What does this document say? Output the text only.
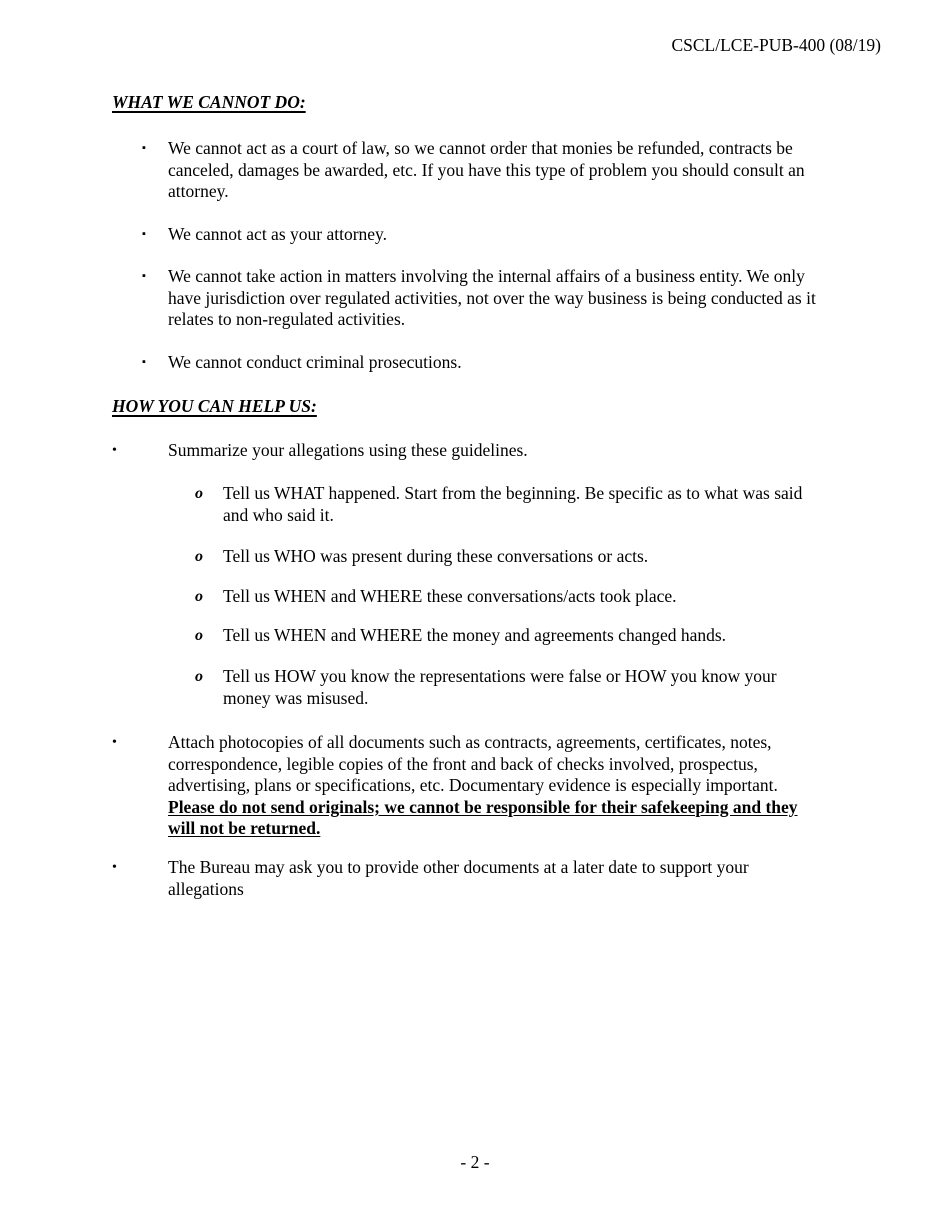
CSCL/LCE-PUB-400 (08/19)
WHAT WE CANNOT DO:
▪ We cannot act as a court of law, so we cannot order that monies be refunded, contracts be canceled, damages be awarded, etc. If you have this type of problem you should consult an attorney.
▪ We cannot act as your attorney.
▪ We cannot take action in matters involving the internal affairs of a business entity. We only have jurisdiction over regulated activities, not over the way business is being conducted as it relates to non-regulated activities.
▪ We cannot conduct criminal prosecutions.
HOW YOU CAN HELP US:
•	Summarize your allegations using these guidelines.
o Tell us WHAT happened. Start from the beginning. Be specific as to what was said and who said it.
o Tell us WHO was present during these conversations or acts.
o Tell us WHEN and WHERE these conversations/acts took place.
o Tell us WHEN and WHERE the money and agreements changed hands.
o Tell us HOW you know the representations were false or HOW you know your money was misused.
•	Attach photocopies of all documents such as contracts, agreements, certificates, notes, correspondence, legible copies of the front and back of checks involved, prospectus, advertising, plans or specifications, etc. Documentary evidence is especially important. Please do not send originals; we cannot be responsible for their safekeeping and they will not be returned.
•	The Bureau may ask you to provide other documents at a later date to support your allegations
- 2 -
